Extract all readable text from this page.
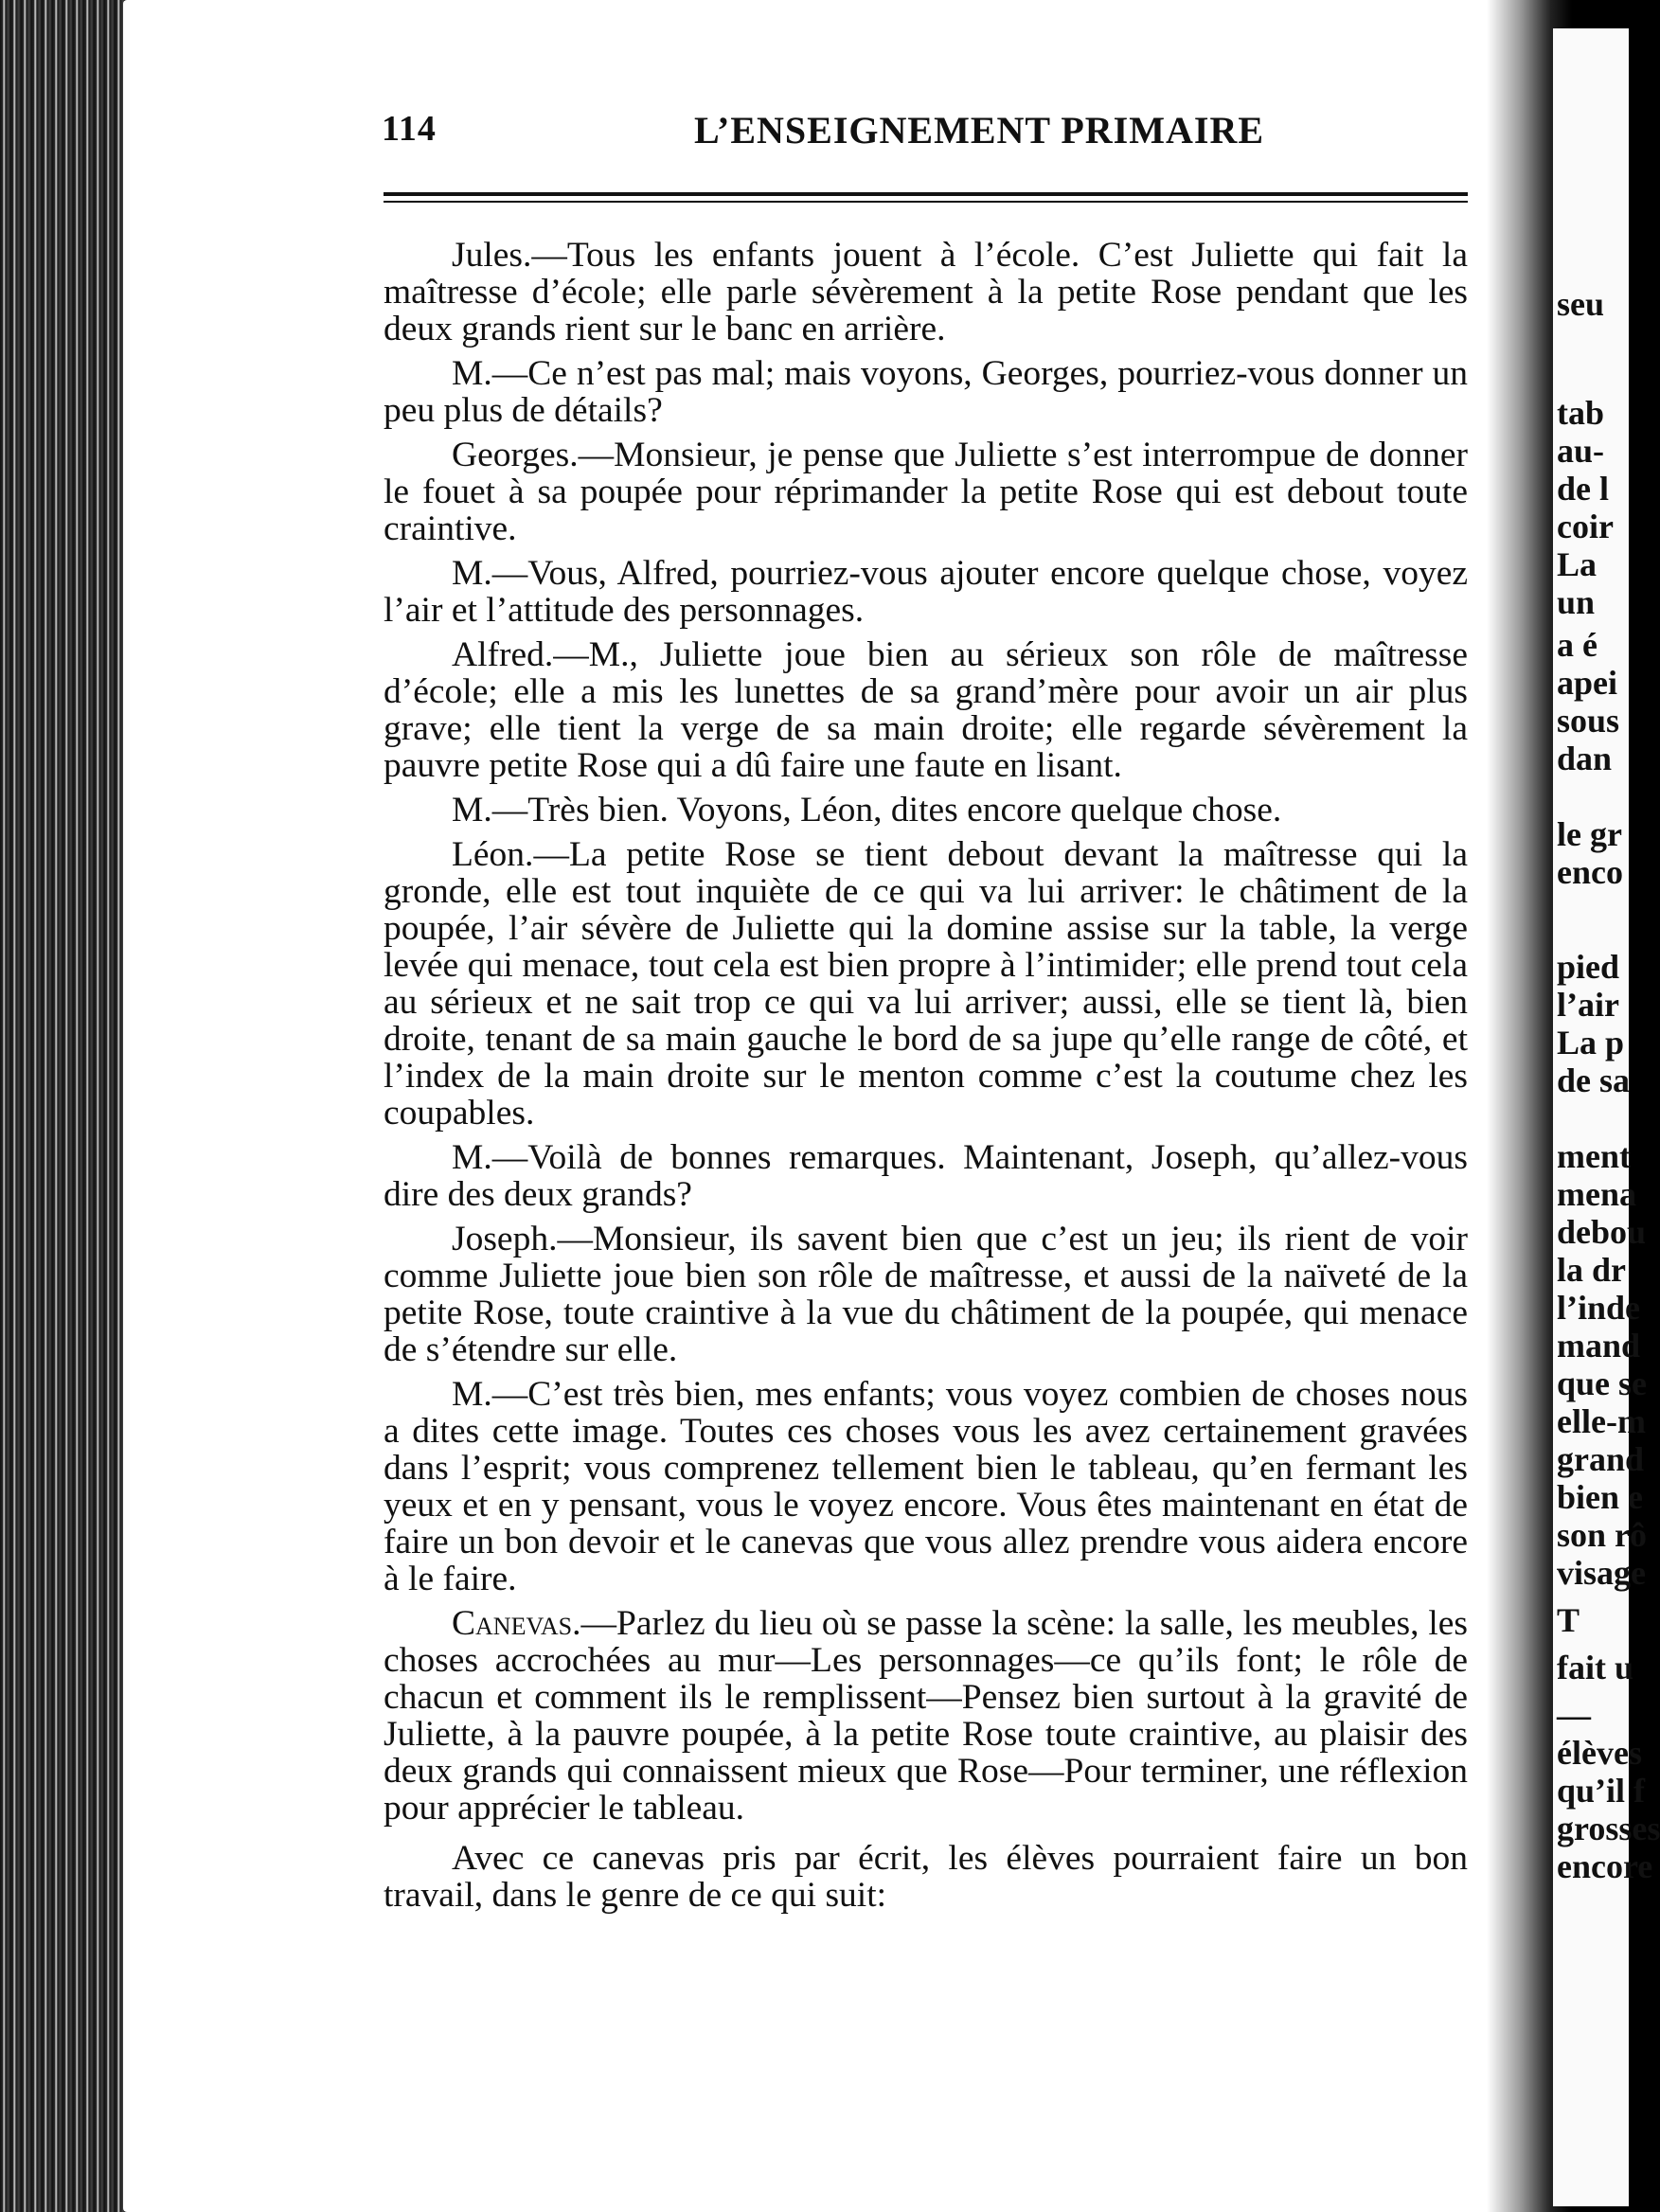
seu
tab
au-
de l
coir
La
un
a é
apei
sous
dan
le gr
enco
pied
l’air
La p
de sa
ment
mena
debou
la dr
l’inde
mand
que se
elle-m
grand
bien e
son rô
visage
T
fait u
—
élèves
qu’il f
grosses
encore
114	L’ENSEIGNEMENT PRIMAIRE

Jules.—Tous les enfants jouent à l’école. C’est Juliette qui fait la maîtresse d’école; elle parle sévèrement à la petite Rose pendant que les deux grands rient sur le banc en arrière.

M.—Ce n’est pas mal; mais voyons, Georges, pourriez-vous donner un peu plus de détails?

Georges.—Monsieur, je pense que Juliette s’est interrompue de donner le fouet à sa poupée pour réprimander la petite Rose qui est debout toute craintive.

M.—Vous, Alfred, pourriez-vous ajouter encore quelque chose, voyez l’air et l’attitude des personnages.

Alfred.—M., Juliette joue bien au sérieux son rôle de maîtresse d’école; elle a mis les lunettes de sa grand’mère pour avoir un air plus grave; elle tient la verge de sa main droite; elle regarde sévèrement la pauvre petite Rose qui a dû faire une faute en lisant.

M.—Très bien. Voyons, Léon, dites encore quelque chose.

Léon.—La petite Rose se tient debout devant la maîtresse qui la gronde, elle est tout inquiète de ce qui va lui arriver: le châtiment de la poupée, l’air sévère de Juliette qui la domine assise sur la table, la verge levée qui menace, tout cela est bien propre à l’intimider; elle prend tout cela au sérieux et ne sait trop ce qui va lui arriver; aussi, elle se tient là, bien droite, tenant de sa main gauche le bord de sa jupe qu’elle range de côté, et l’index de la main droite sur le menton comme c’est la coutume chez les coupables.

M.—Voilà de bonnes remarques. Maintenant, Joseph, qu’allez-vous dire des deux grands?

Joseph.—Monsieur, ils savent bien que c’est un jeu; ils rient de voir comme Juliette joue bien son rôle de maîtresse, et aussi de la naïveté de la petite Rose, toute craintive à la vue du châtiment de la poupée, qui menace de s’étendre sur elle.

M.—C’est très bien, mes enfants; vous voyez combien de choses nous a dites cette image. Toutes ces choses vous les avez certainement gravées dans l’esprit; vous comprenez tellement bien le tableau, qu’en fermant les yeux et en y pensant, vous le voyez encore. Vous êtes maintenant en état de faire un bon devoir et le canevas que vous allez prendre vous aidera encore à le faire.

Canevas.—Parlez du lieu où se passe la scène: la salle, les meubles, les choses accrochées au mur—Les personnages—ce qu’ils font; le rôle de chacun et comment ils le remplissent—Pensez bien surtout à la gravité de Juliette, à la pauvre poupée, à la petite Rose toute craintive, au plaisir des deux grands qui connaissent mieux que Rose—Pour terminer, une réflexion pour apprécier le tableau.

Avec ce canevas pris par écrit, les élèves pourraient faire un bon travail, dans le genre de ce qui suit:
